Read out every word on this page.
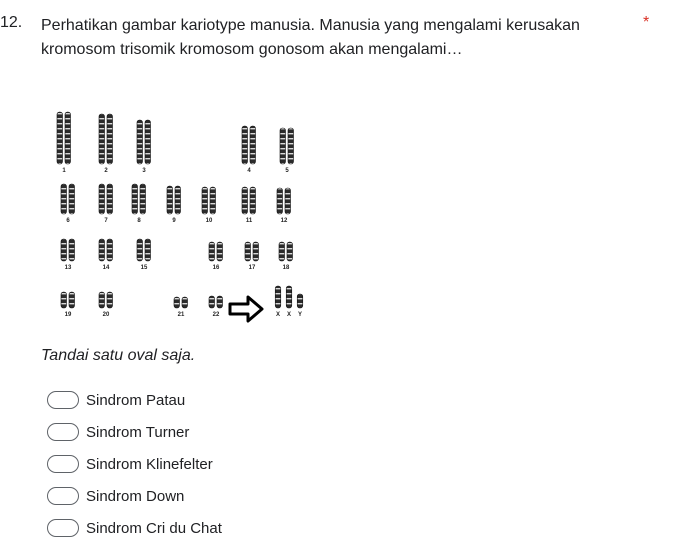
12. Perhatikan gambar kariotype manusia. Manusia yang mengalami kerusakan kromosom trisomik kromosom gonosom akan mengalami…
*
1	2	3	4	5
6	7	8	9	10	11	12
13	14	15	16	17	18
19	20	21	22	X X Y
Tandai satu oval saja.
Sindrom Patau
Sindrom Turner
Sindrom Klinefelter
Sindrom Down
Sindrom Cri du Chat
